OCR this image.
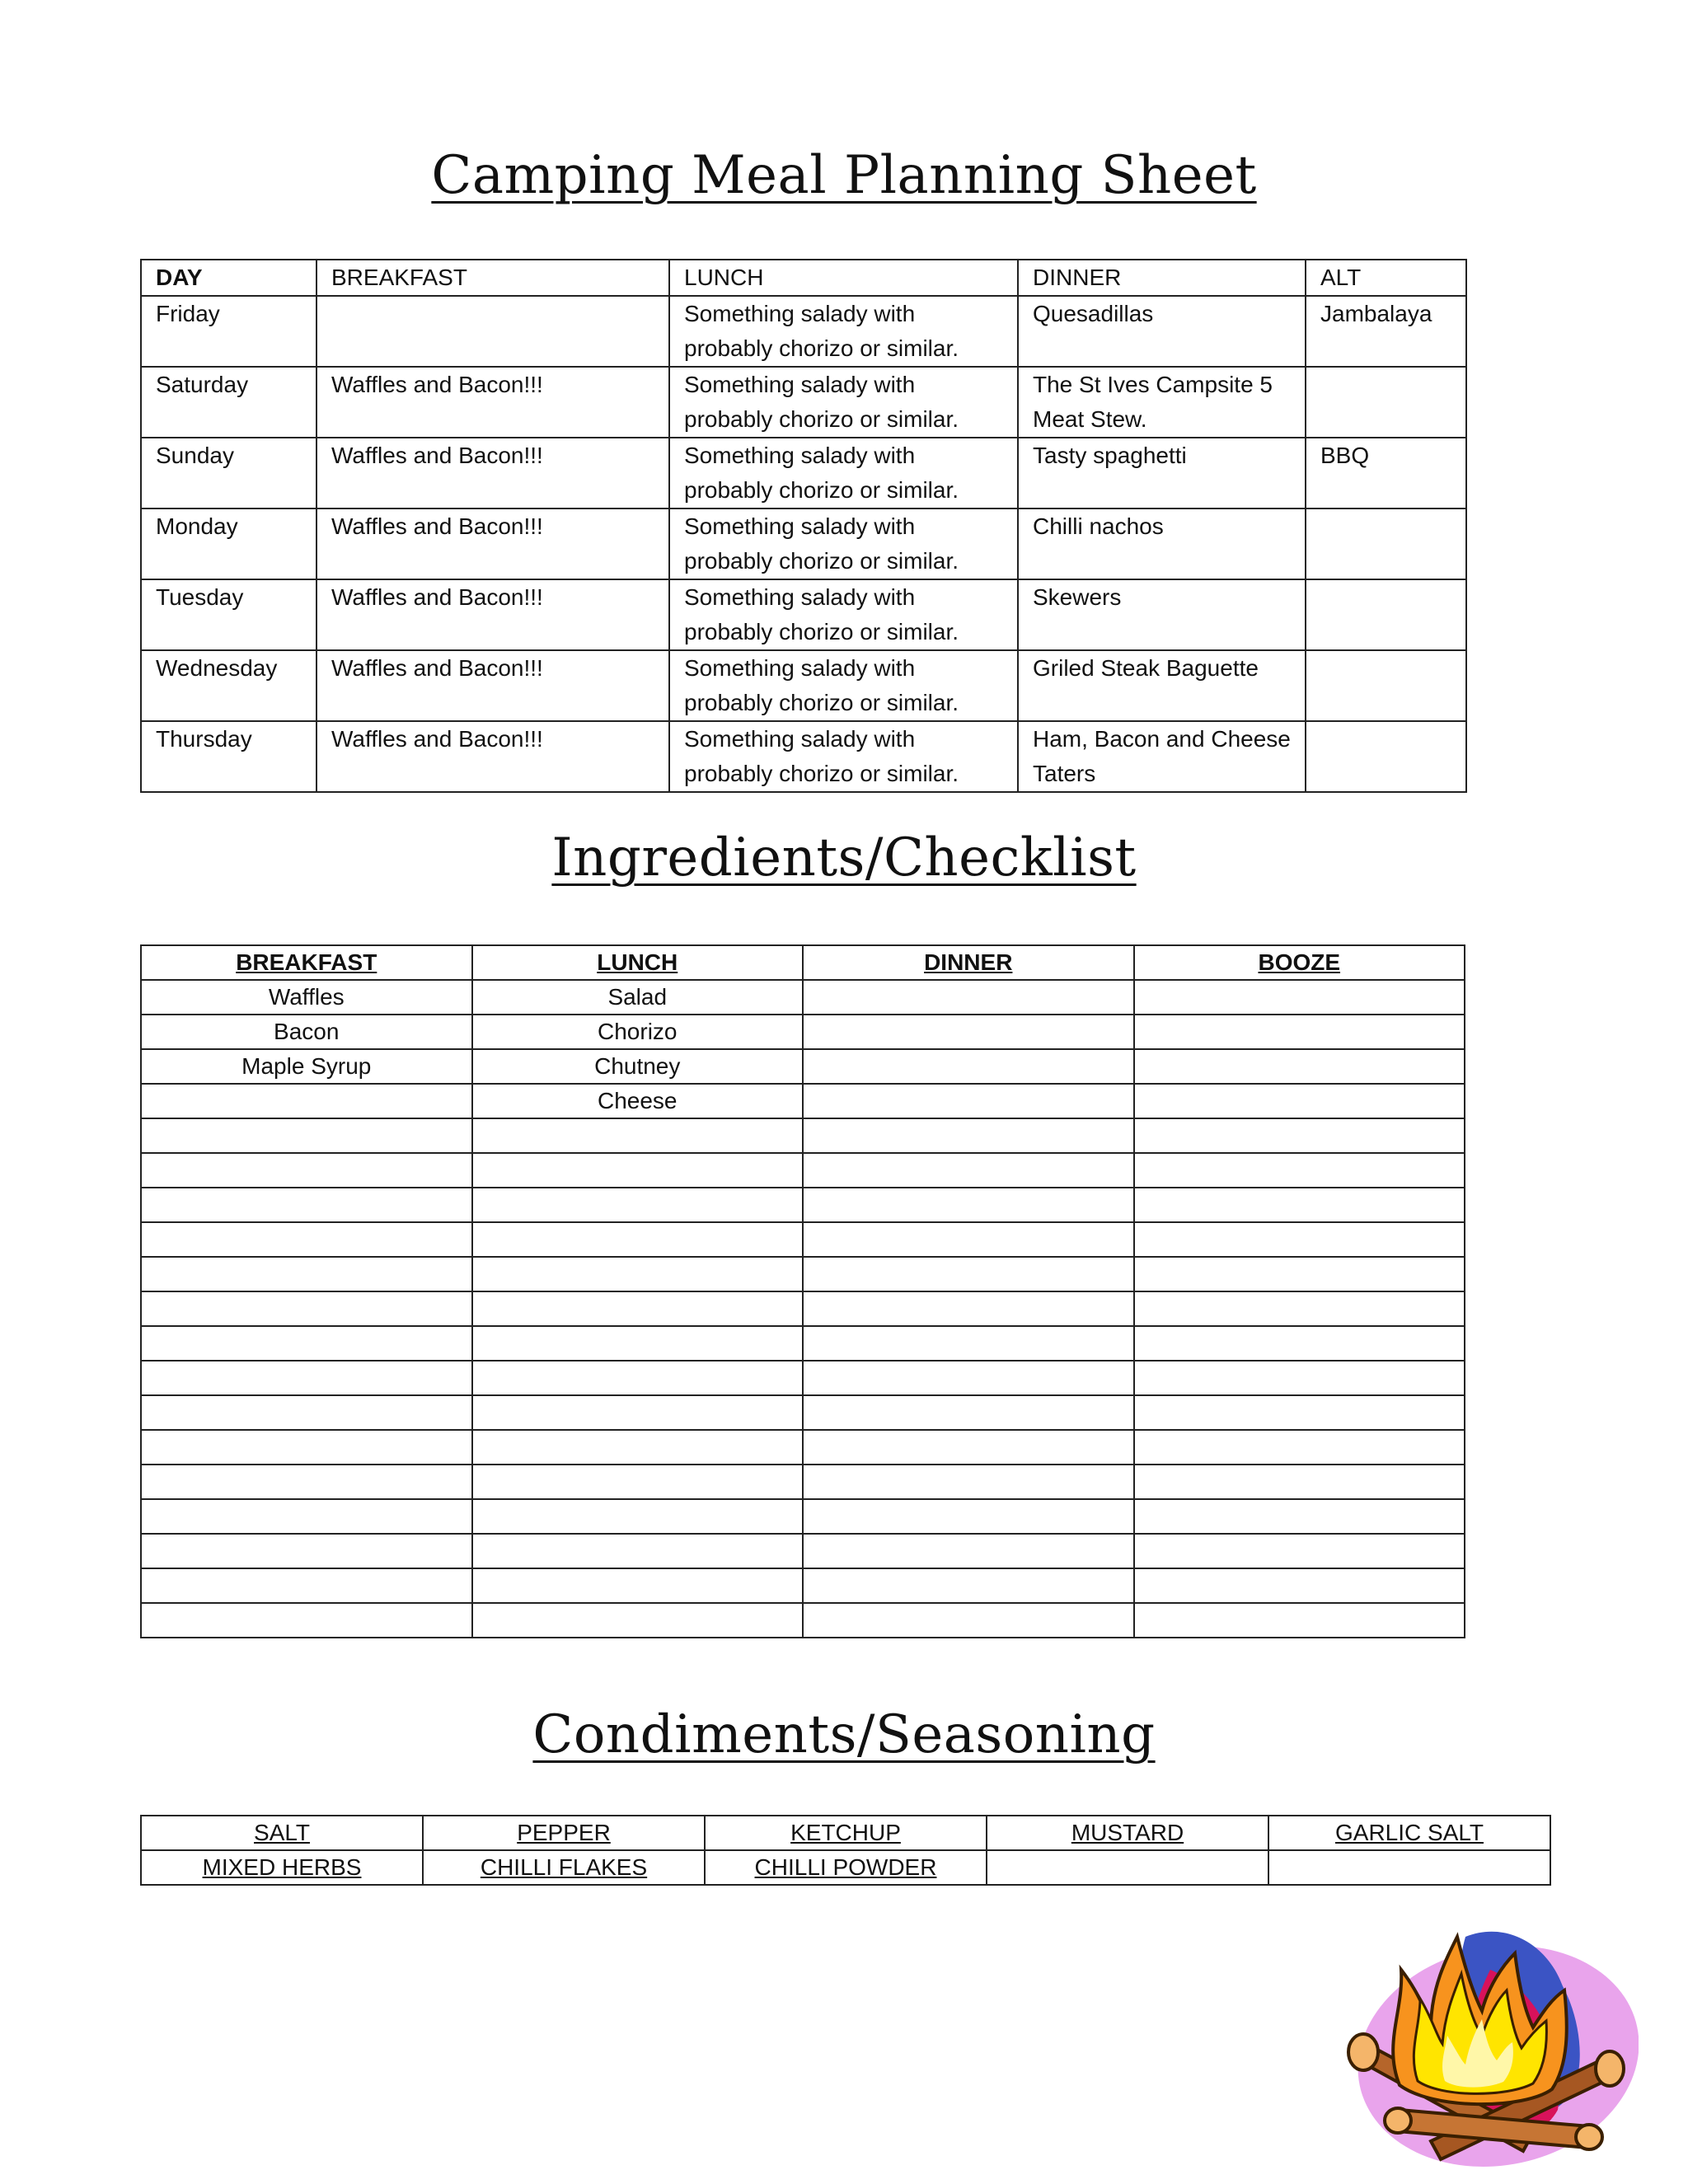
Camping Meal Planning Sheet
DAY	BREAKFAST	LUNCH	DINNER	ALT
Friday		Something salady with probably chorizo or similar.	Quesadillas	Jambalaya
Saturday	Waffles and Bacon!!!	Something salady with probably chorizo or similar.	The St Ives Campsite 5 Meat Stew.	
Sunday	Waffles and Bacon!!!	Something salady with probably chorizo or similar.	Tasty spaghetti	BBQ
Monday	Waffles and Bacon!!!	Something salady with probably chorizo or similar.	Chilli nachos	
Tuesday	Waffles and Bacon!!!	Something salady with probably chorizo or similar.	Skewers	
Wednesday	Waffles and Bacon!!!	Something salady with probably chorizo or similar.	Griled Steak Baguette	
Thursday	Waffles and Bacon!!!	Something salady with probably chorizo or similar.	Ham, Bacon and Cheese Taters	
Ingredients/Checklist
BREAKFAST	LUNCH	DINNER	BOOZE
Waffles	Salad		
Bacon	Chorizo		
Maple Syrup	Chutney		
	Cheese		

Condiments/Seasoning
SALT	PEPPER	KETCHUP	MUSTARD	GARLIC SALT
MIXED HERBS	CHILLI FLAKES	CHILLI POWDER		
